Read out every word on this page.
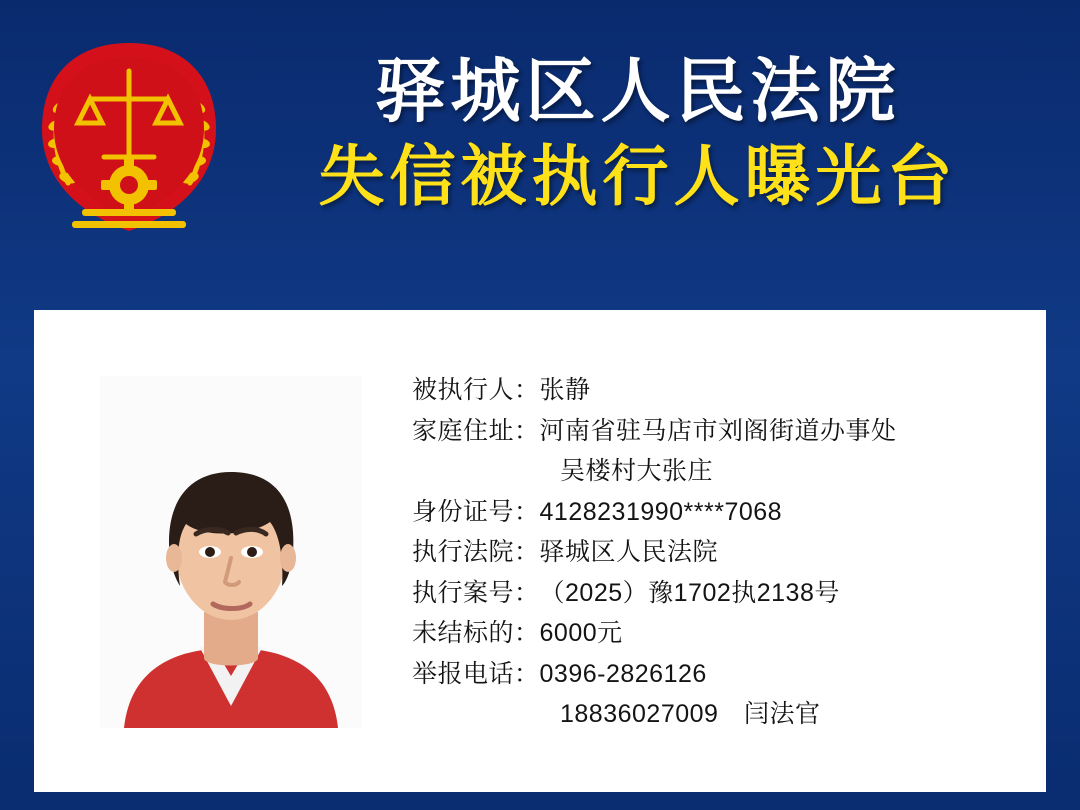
驿城区人民法院
失信被执行人曝光台
被执行人： 张静
家庭住址： 河南省驻马店市刘阁街道办事处
吴楼村大张庄
身份证号： 4128231990****7068
执行法院： 驿城区人民法院
执行案号： （2025）豫1702执2138号
未结标的： 6000元
举报电话： 0396-2826126
18836027009　闫法官
